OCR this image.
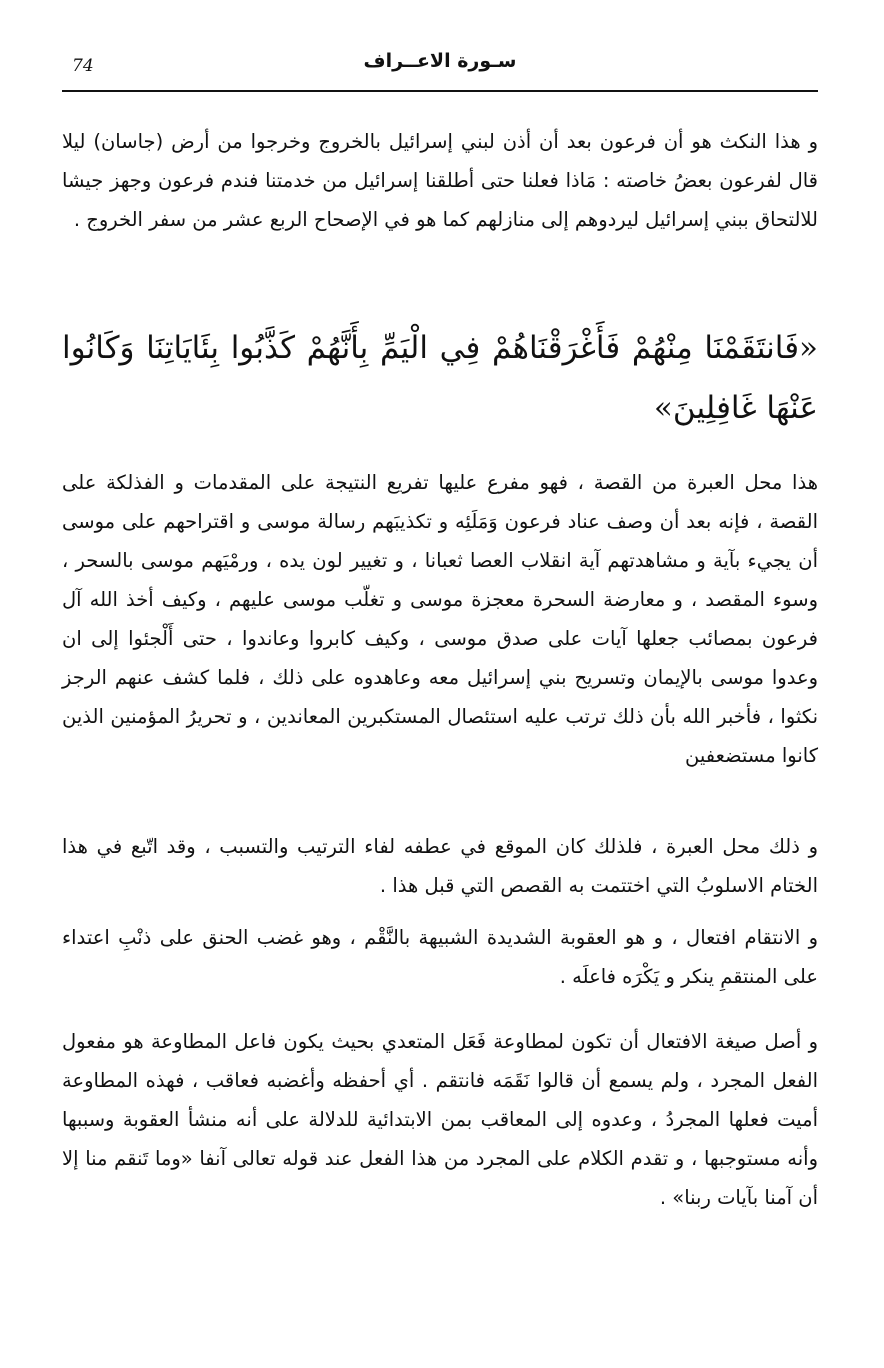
74	سـورة الاعــراف

و هذا النكث هو أن فرعون بعد أن أذن لبني إسرائيل بالخروج وخرجوا من أرض (جاسان) ليلا قال لفرعون بعضُ خاصته : مَاذا فعلنا حتى أطلقنا إسرائيل من خدمتنا فندم فرعون وجهز جيشا للالتحاق ببني إسرائيل ليردوهم إلى منازلهم كما هو في الإصحاح الربع عشر من سفر الخروج .

«فَانتَقَمْنَا مِنْهُمْ فَأَغْرَقْنَاهُمْ فِي الْيَمِّ بِأَنَّهُمْ كَذَّبُوا بِئَايَاتِنَا وَكَانُوا عَنْهَا غَافِلِينَ»

هذا محل العبرة من القصة ، فهو مفرع عليها تفريع النتيجة على المقدمات و الفذلكة على القصة ، فإنه بعد أن وصف عناد فرعون وَمَلَئِه و تكذيبَهم رسالة موسى و اقتراحهم على موسى أن يجيء بآية و مشاهدتهم آية انقلاب العصا ثعبانا ، و تغيير لون يده ، ورمْيَهم موسى بالسحر ، وسوء المقصد ، و معارضة السحرة معجزة موسى و تغلّب موسى عليهم ، وكيف أخذ الله آل فرعون بمصائب جعلها آيات على صدق موسى ، وكيف كابروا وعاندوا ، حتى أَلْجئوا إلى ان وعدوا موسى بالإيمان وتسريح بني إسرائيل معه وعاهدوه على ذلك ، فلما كشف عنهم الرجز نكثوا ، فأخبر الله بأن ذلك ترتب عليه استئصال المستكبرين المعاندين ، و تحريرُ المؤمنين الذين كانوا مستضعفين

و ذلك محل العبرة ، فلذلك كان الموقع في عطفه لفاء الترتيب والتسبب ، وقد اتّبع في هذا الختام الاسلوبُ التي اختتمت به القصص التي قبل هذا .

و الانتقام افتعال ، و هو العقوبة الشديدة الشبيهة بالنَّقْم ، وهو غضب الحنق على ذنْبِ اعتداء على المنتقمِ ينكر و يَكْرَه فاعلَه .

و أصل صيغة الافتعال أن تكون لمطاوعة فَعَل المتعدي بحيث يكون فاعل المطاوعة هو مفعول الفعل المجرد ، ولم يسمع أن قالوا نَقَمَه فانتقم . أي أحفظه وأغضبه فعاقب ، فهذه المطاوعة أميت فعلها المجردُ ، وعدوه إلى المعاقب بمن الابتدائية للدلالة على أنه منشأ العقوبة وسببها وأنه مستوجبها ، و تقدم الكلام على المجرد من هذا الفعل عند قوله تعالى آنفا «وما تَنقم منا إلا أن آمنا بآيات ربنا» .
